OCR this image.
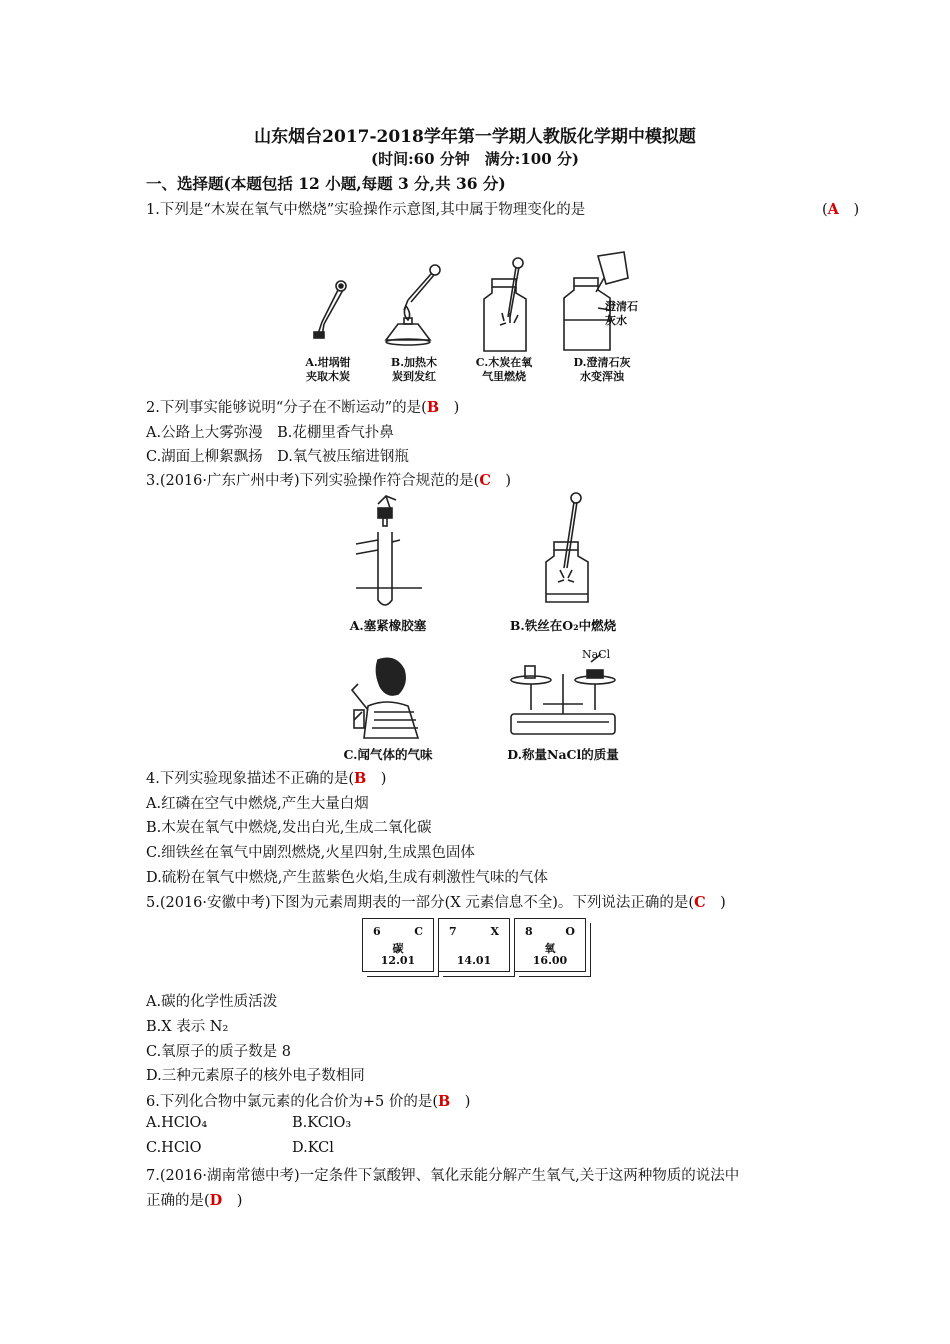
山东烟台2017-2018学年第一学期人教版化学期中模拟题
(时间:60 分钟　满分:100 分)
一、选择题(本题包括 12 小题,每题 3 分,共 36 分)
1.下列是“木炭在氧气中燃烧”实验操作示意图,其中属于物理变化的是	(A　 )
澄清石
灰水
A.坩埚钳
夹取木炭
B.加热木
炭到发红
C.木炭在氧
气里燃烧
D.澄清石灰
水变浑浊
2.下列事实能够说明“分子在不断运动”的是(B　 )
A.公路上大雾弥漫　B.花棚里香气扑鼻
C.湖面上柳絮飘扬　D.氧气被压缩进钢瓶
3.(2016·广东广州中考)下列实验操作符合规范的是(C　 )
A.塞紧橡胶塞	B.铁丝在O₂中燃烧
NaCl
C.闻气体的气味	D.称量NaCl的质量
4.下列实验现象描述不正确的是(B　 )
A.红磷在空气中燃烧,产生大量白烟
B.木炭在氧气中燃烧,发出白光,生成二氧化碳
C.细铁丝在氧气中剧烈燃烧,火星四射,生成黑色固体
D.硫粉在氧气中燃烧,产生蓝紫色火焰,生成有刺激性气味的气体
5.(2016·安徽中考)下图为元素周期表的一部分(X 元素信息不全)。下列说法正确的是(C　 )
6	C
碳
12.01
7	X
14.01
8	O
氧
16.00
A.碳的化学性质活泼
B.X 表示 N₂
C.氧原子的质子数是 8
D.三种元素原子的核外电子数相同
6.下列化合物中氯元素的化合价为+5 价的是(B　 )
A.HClO₄	B.KClO₃
C.HClO	D.KCl
7.(2016·湖南常德中考)一定条件下氯酸钾、氧化汞能分解产生氧气,关于这两种物质的说法中
正确的是(D　 )
